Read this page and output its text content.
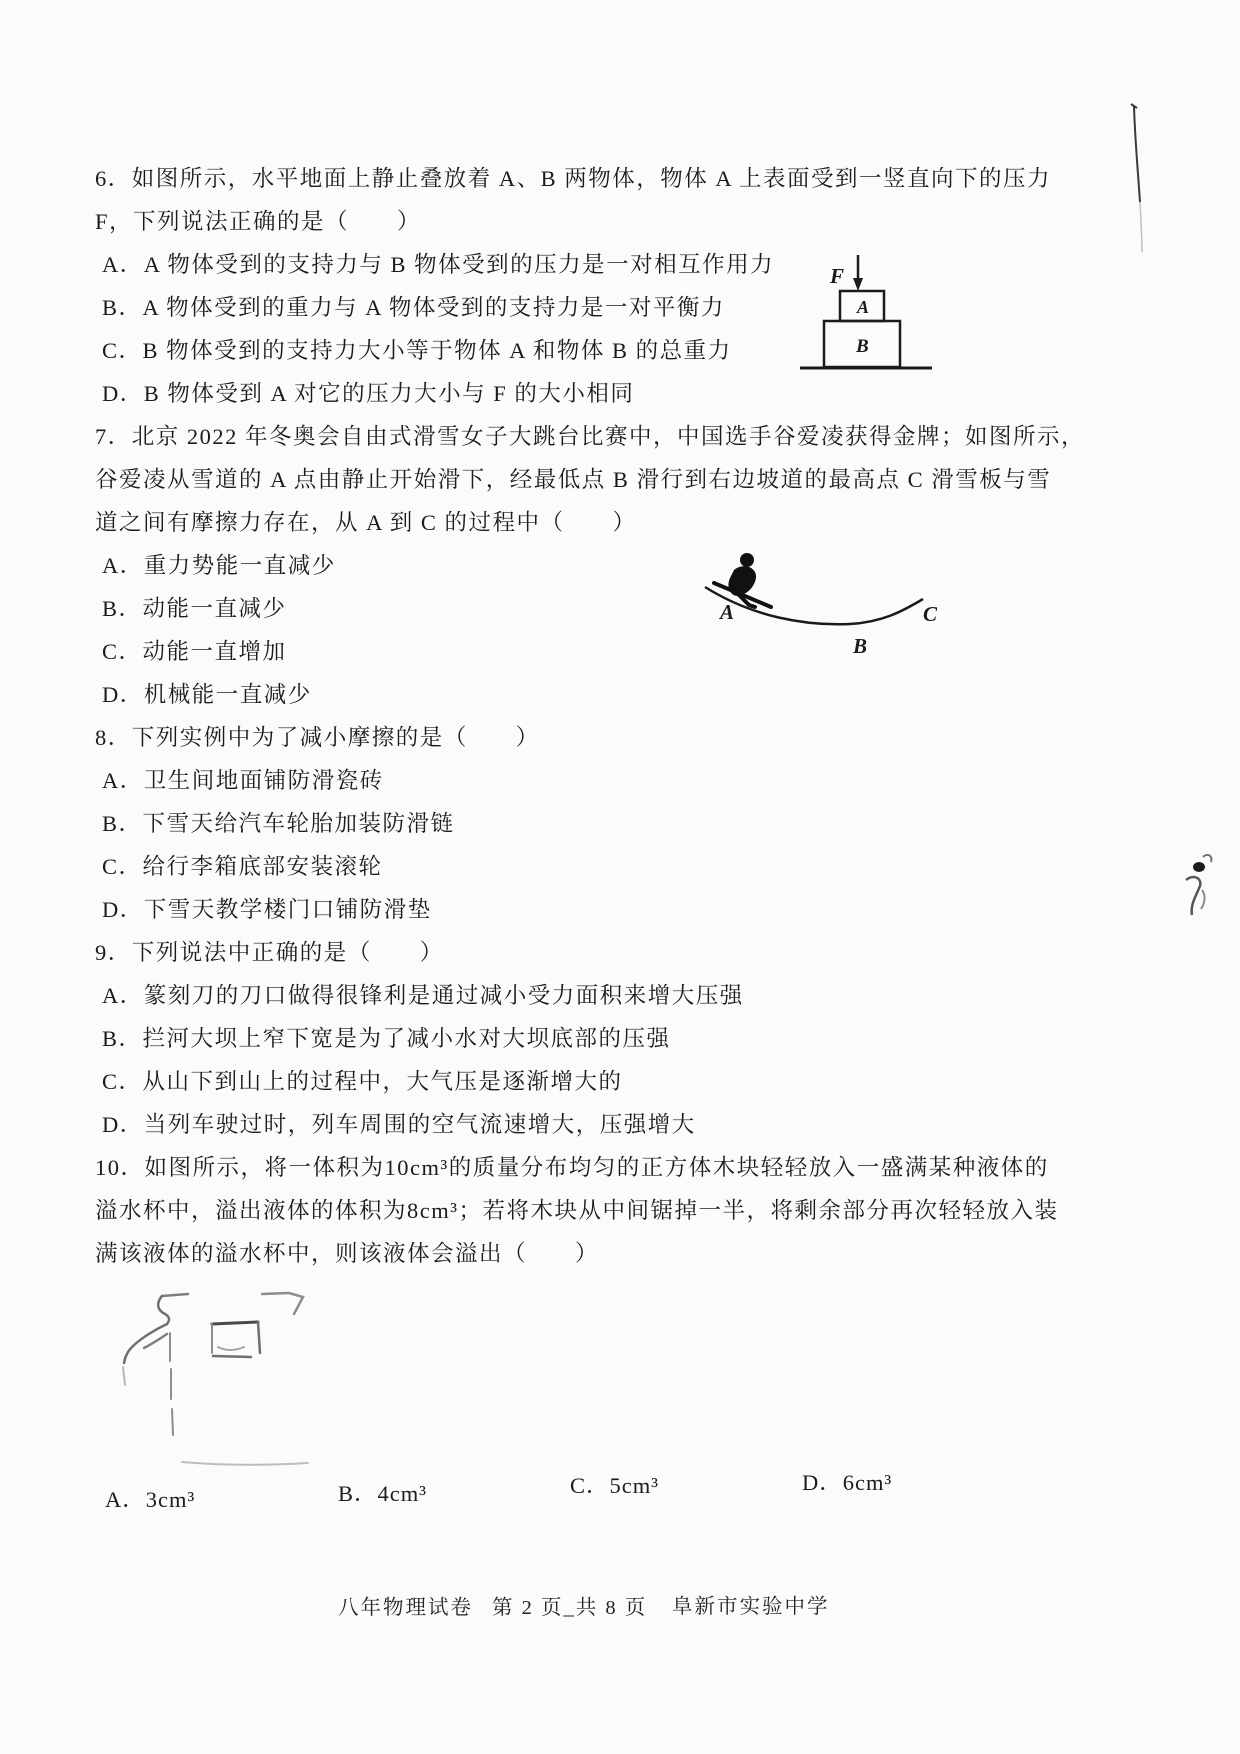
6．如图所示，水平地面上静止叠放着 A、B 两物体，物体 A 上表面受到一竖直向下的压力
F，下列说法正确的是（　　）
A．A 物体受到的支持力与 B 物体受到的压力是一对相互作用力
B．A 物体受到的重力与 A 物体受到的支持力是一对平衡力
C．B 物体受到的支持力大小等于物体 A 和物体 B 的总重力
D．B 物体受到 A 对它的压力大小与 F 的大小相同
7．北京 2022 年冬奥会自由式滑雪女子大跳台比赛中，中国选手谷爱凌获得金牌；如图所示，
谷爱凌从雪道的 A 点由静止开始滑下，经最低点 B 滑行到右边坡道的最高点 C 滑雪板与雪
道之间有摩擦力存在，从 A 到 C 的过程中（　　）
A．重力势能一直减少
B．动能一直减少
C．动能一直增加
D．机械能一直减少
8．下列实例中为了减小摩擦的是（　　）
A．卫生间地面铺防滑瓷砖
B．下雪天给汽车轮胎加装防滑链
C．给行李箱底部安装滚轮
D．下雪天教学楼门口铺防滑垫
9．下列说法中正确的是（　　）
A．篆刻刀的刀口做得很锋利是通过减小受力面积来增大压强
B．拦河大坝上窄下宽是为了减小水对大坝底部的压强
C．从山下到山上的过程中，大气压是逐渐增大的
D．当列车驶过时，列车周围的空气流速增大，压强增大
10．如图所示，将一体积为10cm³的质量分布均匀的正方体木块轻轻放入一盛满某种液体的
溢水杯中，溢出液体的体积为8cm³；若将木块从中间锯掉一半，将剩余部分再次轻轻放入装
满该液体的溢水杯中，则该液体会溢出（　　）
F
A
B
A
B
C
A．3cm³	B．4cm³	C．5cm³	D．6cm³
八年物理试卷 第 2 页_共 8 页 阜新市实验中学
